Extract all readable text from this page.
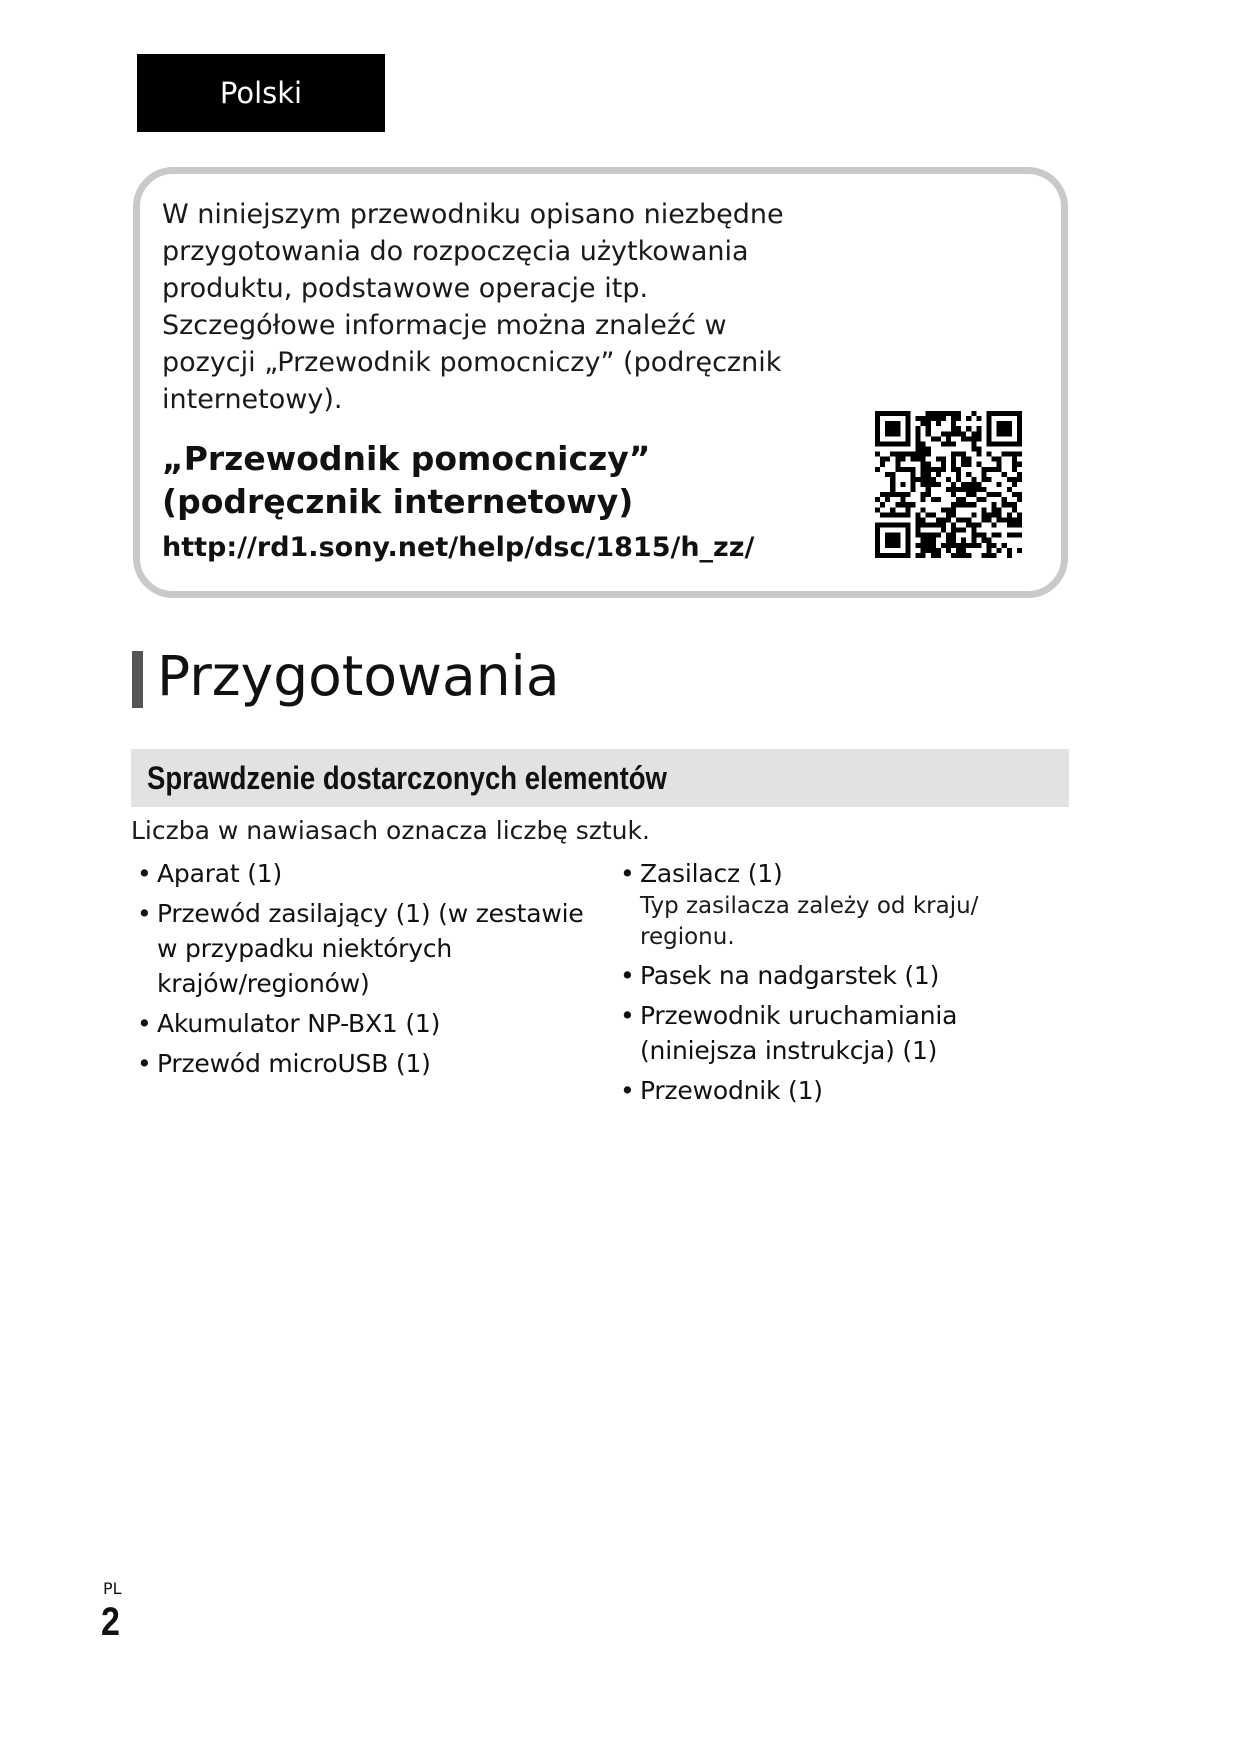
Polski

W niniejszym przewodniku opisano niezbędne przygotowania do rozpoczęcia użytkowania produktu, podstawowe operacje itp.

Szczegółowe informacje można znaleźć w pozycji „Przewodnik pomocniczy” (podręcznik internetowy).

„Przewodnik pomocniczy” (podręcznik internetowy)
http://rd1.sony.net/help/dsc/1815/h_zz/
Przygotowania
Sprawdzenie dostarczonych elementów
Liczba w nawiasach oznacza liczbę sztuk.
• Aparat (1)
• Przewód zasilający (1) (w zestawie w przypadku niektórych krajów/regionów)
• Akumulator NP-BX1 (1)
• Przewód microUSB (1)
• Zasilacz (1)
Typ zasilacza zależy od kraju/ regionu.
• Pasek na nadgarstek (1)
• Przewodnik uruchamiania (niniejsza instrukcja) (1)
• Przewodnik (1)
PL
2
